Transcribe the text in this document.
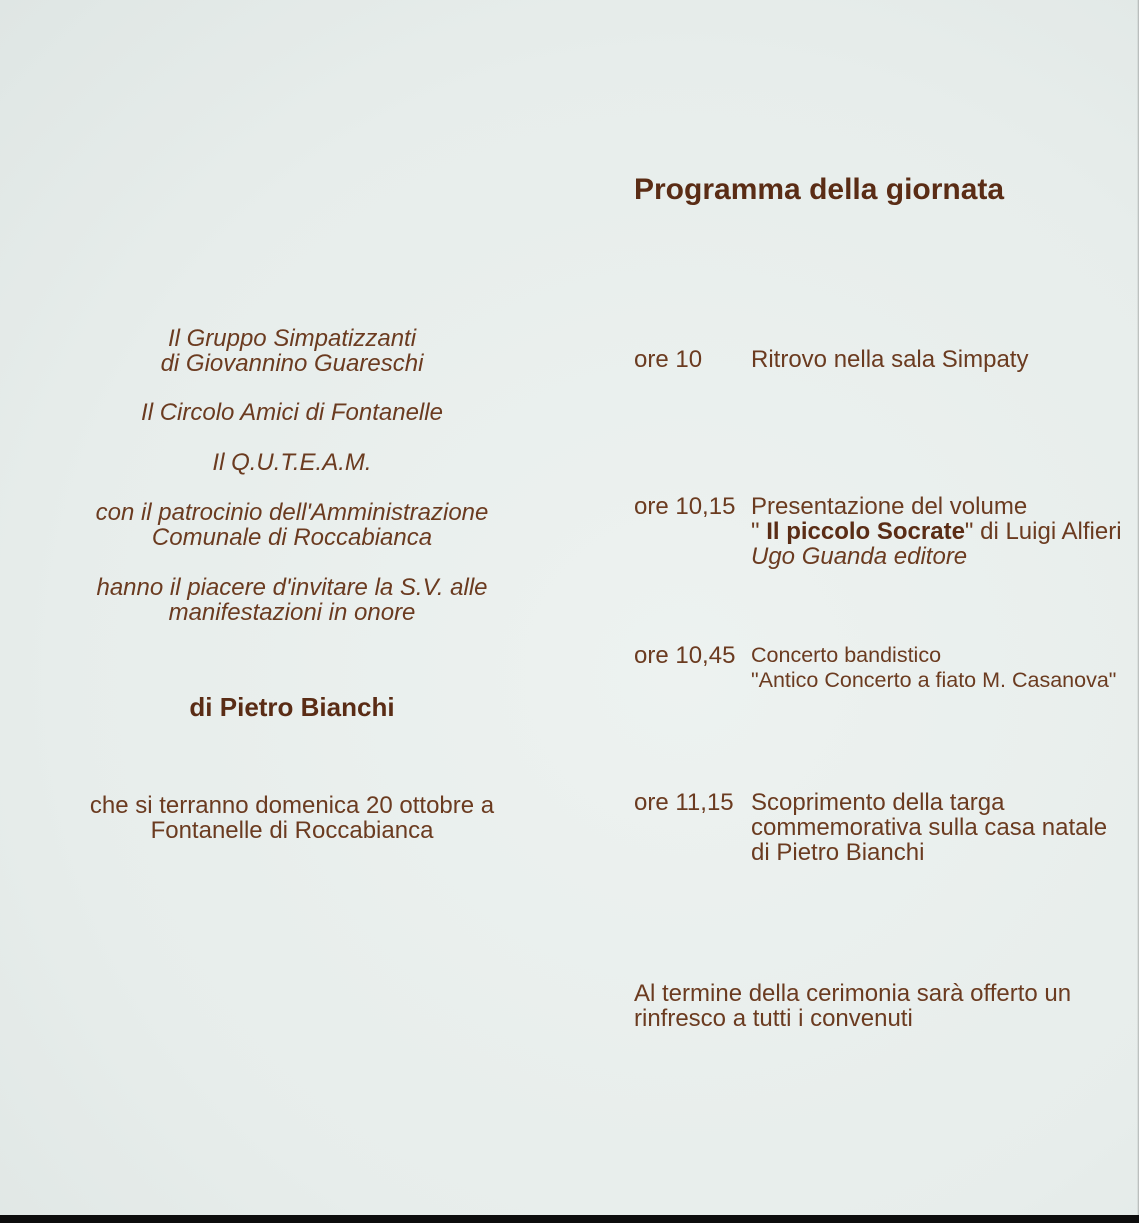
Il Gruppo Simpatizzanti
di Giovannino Guareschi
Il Circolo Amici di Fontanelle
Il Q.U.T.E.A.M.
con il patrocinio dell'Amministrazione
Comunale di Roccabianca
hanno il piacere d'invitare la S.V. alle
manifestazioni in onore
di Pietro Bianchi
che si terranno domenica 20 ottobre a
Fontanelle di Roccabianca
Programma della giornata
ore 10 Ritrovo nella sala Simpaty
ore 10,15 Presentazione del volume
" Il piccolo Socrate" di Luigi Alfieri
Ugo Guanda editore
ore 10,45 Concerto bandistico
"Antico Concerto a fiato M. Casanova"
ore 11,15 Scoprimento della targa
commemorativa sulla casa natale
di Pietro Bianchi
Al termine della cerimonia sarà offerto un
rinfresco a tutti i convenuti
